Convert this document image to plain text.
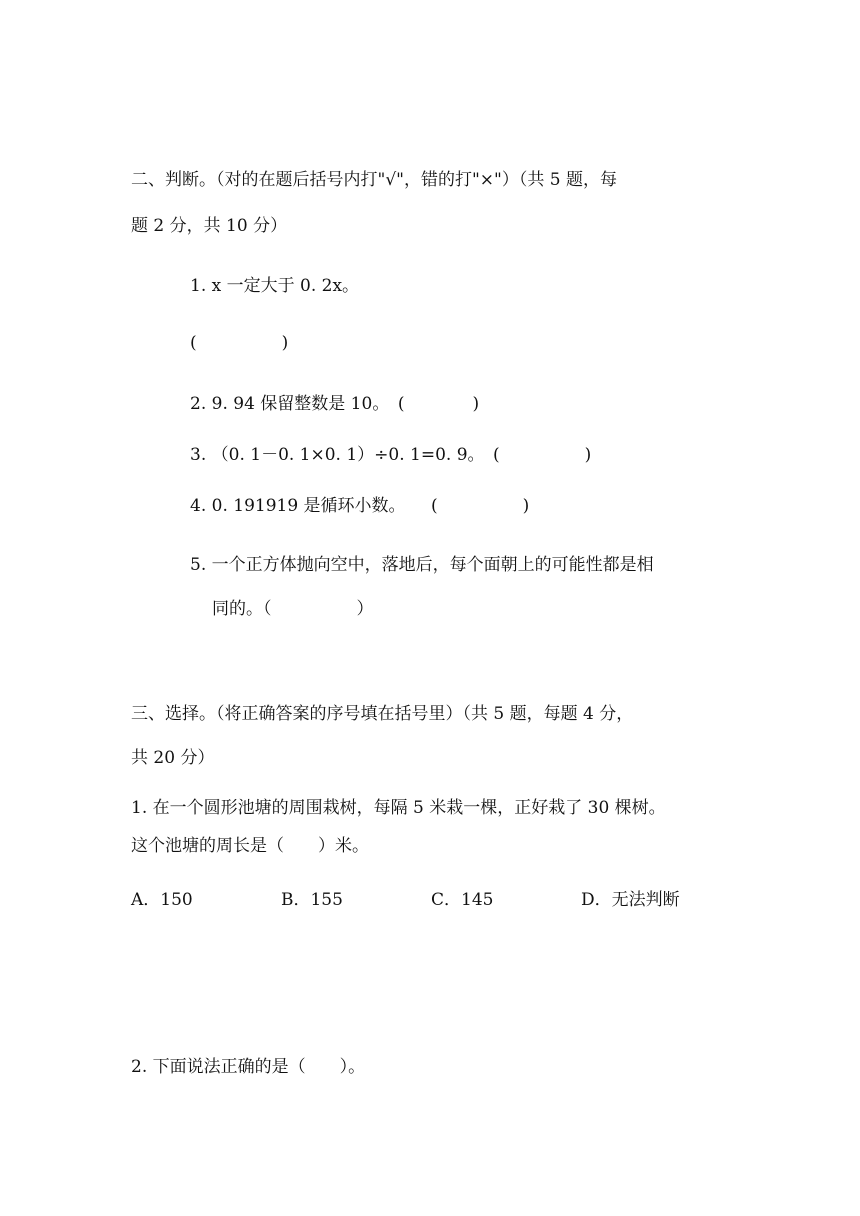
二、判断。（对的在题后括号内打"√"，错的打"×"）（共 5 题，每
题 2 分，共 10 分）
1. x 一定大于 0. 2x。
(　　　　　)
2. 9. 94 保留整数是 10。　(　　　　)
3. （0. 1－0. 1×0. 1）÷0. 1=0. 9。　(　　　　　)
4. 0. 191919 是循环小数。　　(　　　　　)
5. 一个正方体抛向空中，落地后，每个面朝上的可能性都是相
同的。（　　　　　）
三、选择。（将正确答案的序号填在括号里）（共 5 题，每题 4 分，
共 20 分）
1. 在一个圆形池塘的周围栽树，每隔 5 米栽一棵，正好栽了 30 棵树。
这个池塘的周长是（　　）米。
A．150	B．155	C．145	D．无法判断
2. 下面说法正确的是（　　）。
